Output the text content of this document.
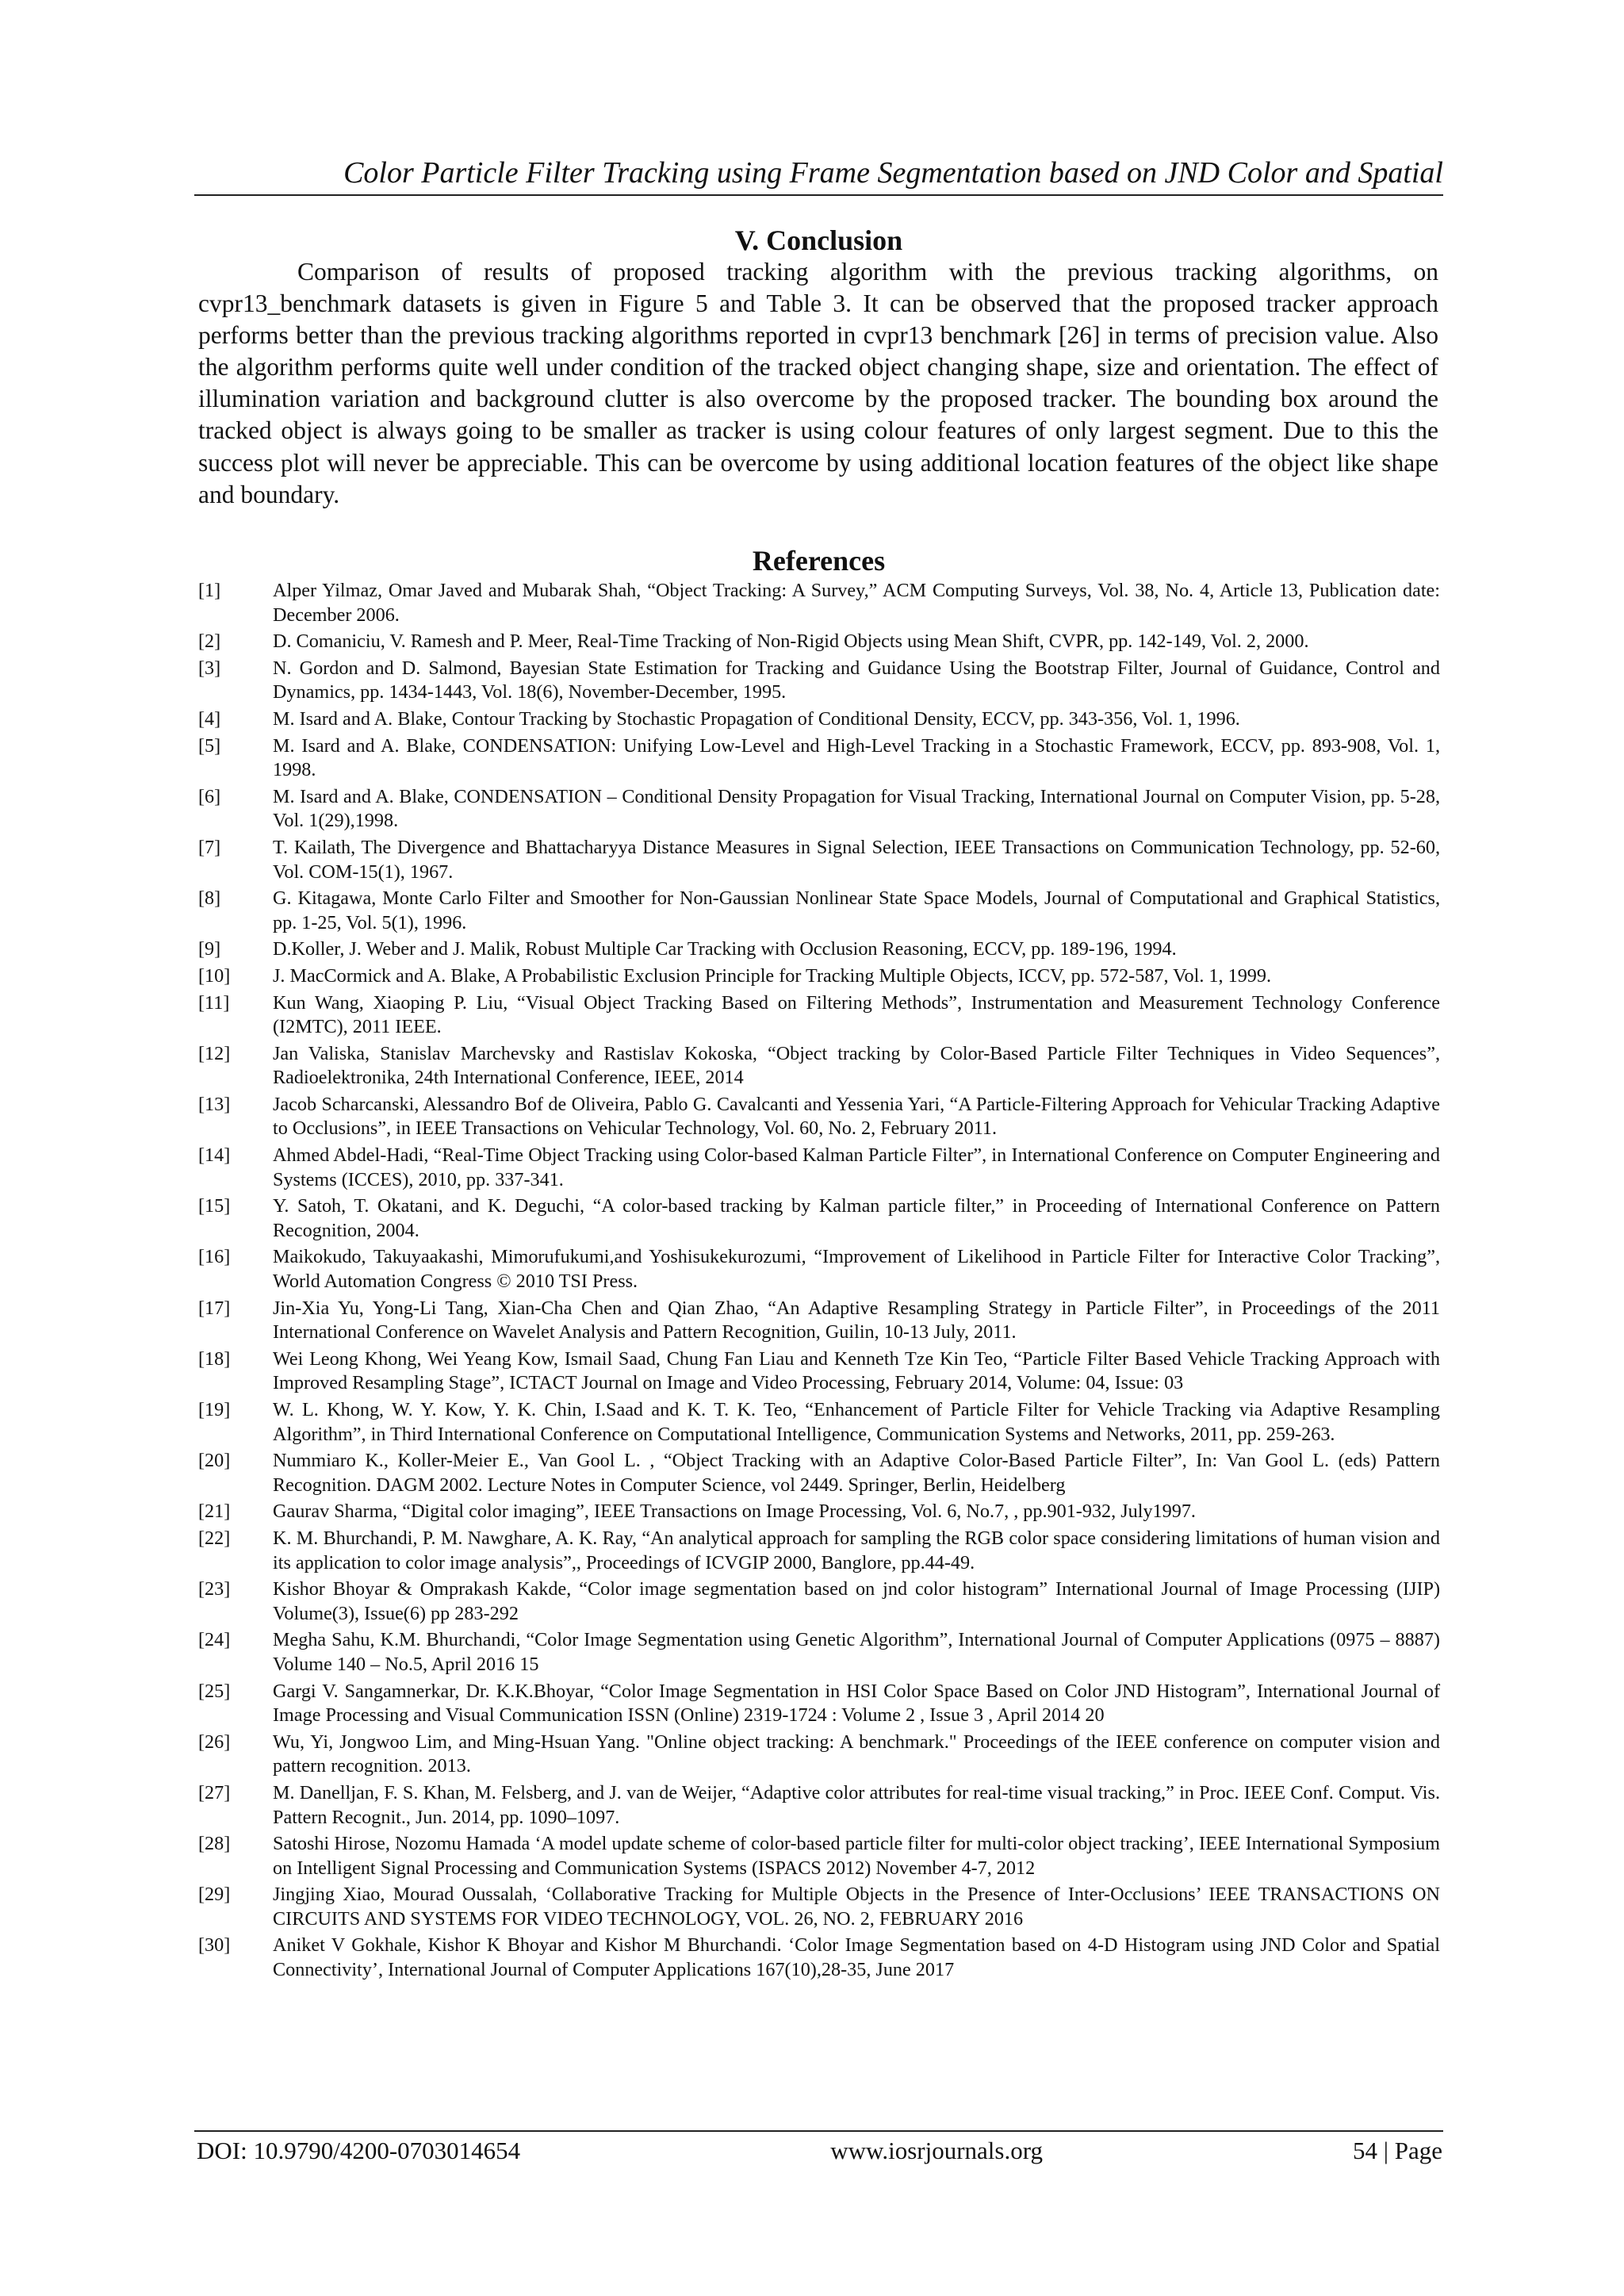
Color Particle Filter Tracking using Frame Segmentation based on JND Color and Spatial
V. Conclusion

Comparison of results of proposed tracking algorithm with the previous tracking algorithms, on cvpr13_benchmark datasets is given in Figure 5 and Table 3. It can be observed that the proposed tracker approach performs better than the previous tracking algorithms reported in cvpr13 benchmark [26] in terms of precision value. Also the algorithm performs quite well under condition of the tracked object changing shape, size and orientation. The effect of illumination variation and background clutter is also overcome by the proposed tracker. The bounding box around the tracked object is always going to be smaller as tracker is using colour features of only largest segment. Due to this the success plot will never be appreciable. This can be overcome by using additional location features of the object like shape and boundary.

References
[1]	Alper Yilmaz, Omar Javed and Mubarak Shah, “Object Tracking: A Survey,” ACM Computing Surveys, Vol. 38, No. 4, Article 13, Publication date: December 2006.
[2]	D. Comaniciu, V. Ramesh and P. Meer, Real-Time Tracking of Non-Rigid Objects using Mean Shift, CVPR, pp. 142-149, Vol. 2, 2000.
[3]	N. Gordon and D. Salmond, Bayesian State Estimation for Tracking and Guidance Using the Bootstrap Filter, Journal of Guidance, Control and Dynamics, pp. 1434-1443, Vol. 18(6), November-December, 1995.
[4]	M. Isard and A. Blake, Contour Tracking by Stochastic Propagation of Conditional Density, ECCV, pp. 343-356, Vol. 1, 1996.
[5]	M. Isard and A. Blake, CONDENSATION: Unifying Low-Level and High-Level Tracking in a Stochastic Framework, ECCV, pp. 893-908, Vol. 1, 1998.
[6]	M. Isard and A. Blake, CONDENSATION – Conditional Density Propagation for Visual Tracking, International Journal on Computer Vision, pp. 5-28, Vol. 1(29),1998.
[7]	T. Kailath, The Divergence and Bhattacharyya Distance Measures in Signal Selection, IEEE Transactions on Communication Technology, pp. 52-60, Vol. COM-15(1), 1967.
[8]	G. Kitagawa, Monte Carlo Filter and Smoother for Non-Gaussian Nonlinear State Space Models, Journal of Computational and Graphical Statistics, pp. 1-25, Vol. 5(1), 1996.
[9]	D.Koller, J. Weber and J. Malik, Robust Multiple Car Tracking with Occlusion Reasoning, ECCV, pp. 189-196, 1994.
[10]	J. MacCormick and A. Blake, A Probabilistic Exclusion Principle for Tracking Multiple Objects, ICCV, pp. 572-587, Vol. 1, 1999.
[11]	Kun Wang, Xiaoping P. Liu, “Visual Object Tracking Based on Filtering Methods”, Instrumentation and Measurement Technology Conference (I2MTC), 2011 IEEE.
[12]	Jan Valiska, Stanislav Marchevsky and Rastislav Kokoska, “Object tracking by Color-Based Particle Filter Techniques in Video Sequences”, Radioelektronika, 24th International Conference, IEEE, 2014
[13]	Jacob Scharcanski, Alessandro Bof de Oliveira, Pablo G. Cavalcanti and Yessenia Yari, “A Particle-Filtering Approach for Vehicular Tracking Adaptive to Occlusions”, in IEEE Transactions on Vehicular Technology, Vol. 60, No. 2, February 2011.
[14]	Ahmed Abdel-Hadi, “Real-Time Object Tracking using Color-based Kalman Particle Filter”, in International Conference on Computer Engineering and Systems (ICCES), 2010, pp. 337-341.
[15]	Y. Satoh, T. Okatani, and K. Deguchi, “A color-based tracking by Kalman particle filter,” in Proceeding of International Conference on Pattern Recognition, 2004.
[16]	Maikokudo, Takuyaakashi, Mimorufukumi,and Yoshisukekurozumi, “Improvement of Likelihood in Particle Filter for Interactive Color Tracking”, World Automation Congress © 2010 TSI Press.
[17]	Jin-Xia Yu, Yong-Li Tang, Xian-Cha Chen and Qian Zhao, “An Adaptive Resampling Strategy in Particle Filter”, in Proceedings of the 2011 International Conference on Wavelet Analysis and Pattern Recognition, Guilin, 10-13 July, 2011.
[18]	Wei Leong Khong, Wei Yeang Kow, Ismail Saad, Chung Fan Liau and Kenneth Tze Kin Teo, “Particle Filter Based Vehicle Tracking Approach with Improved Resampling Stage”, ICTACT Journal on Image and Video Processing, February 2014, Volume: 04, Issue: 03
[19]	W. L. Khong, W. Y. Kow, Y. K. Chin, I.Saad and K. T. K. Teo, “Enhancement of Particle Filter for Vehicle Tracking via Adaptive Resampling Algorithm”, in Third International Conference on Computational Intelligence, Communication Systems and Networks, 2011, pp. 259-263.
[20]	Nummiaro K., Koller-Meier E., Van Gool L. , “Object Tracking with an Adaptive Color-Based Particle Filter”, In: Van Gool L. (eds) Pattern Recognition. DAGM 2002. Lecture Notes in Computer Science, vol 2449. Springer, Berlin, Heidelberg
[21]	Gaurav Sharma, “Digital color imaging”, IEEE Transactions on Image Processing, Vol. 6, No.7, , pp.901-932, July1997.
[22]	K. M. Bhurchandi, P. M. Nawghare, A. K. Ray, “An analytical approach for sampling the RGB color space considering limitations of human vision and its application to color image analysis”,, Proceedings of ICVGIP 2000, Banglore, pp.44-49.
[23]	Kishor Bhoyar & Omprakash Kakde, “Color image segmentation based on jnd color histogram” International Journal of Image Processing (IJIP) Volume(3), Issue(6) pp 283-292
[24]	Megha Sahu, K.M. Bhurchandi, “Color Image Segmentation using Genetic Algorithm”, International Journal of Computer Applications (0975 – 8887) Volume 140 – No.5, April 2016 15
[25]	Gargi V. Sangamnerkar, Dr. K.K.Bhoyar, “Color Image Segmentation in HSI Color Space Based on Color JND Histogram”, International Journal of Image Processing and Visual Communication ISSN (Online) 2319-1724 : Volume 2 , Issue 3 , April 2014 20
[26]	Wu, Yi, Jongwoo Lim, and Ming-Hsuan Yang. "Online object tracking: A benchmark." Proceedings of the IEEE conference on computer vision and pattern recognition. 2013.
[27]	M. Danelljan, F. S. Khan, M. Felsberg, and J. van de Weijer, “Adaptive color attributes for real-time visual tracking,” in Proc. IEEE Conf. Comput. Vis. Pattern Recognit., Jun. 2014, pp. 1090–1097.
[28]	Satoshi Hirose, Nozomu Hamada ‘A model update scheme of color-based particle filter for multi-color object tracking’, IEEE International Symposium on Intelligent Signal Processing and Communication Systems (ISPACS 2012) November 4-7, 2012
[29]	Jingjing Xiao, Mourad Oussalah, ‘Collaborative Tracking for Multiple Objects in the Presence of Inter-Occlusions’ IEEE TRANSACTIONS ON CIRCUITS AND SYSTEMS FOR VIDEO TECHNOLOGY, VOL. 26, NO. 2, FEBRUARY 2016
[30]	Aniket V Gokhale, Kishor K Bhoyar and Kishor M Bhurchandi. ‘Color Image Segmentation based on 4-D Histogram using JND Color and Spatial Connectivity’, International Journal of Computer Applications 167(10),28-35, June 2017
DOI: 10.9790/4200-0703014654	www.iosrjournals.org	54 | Page
